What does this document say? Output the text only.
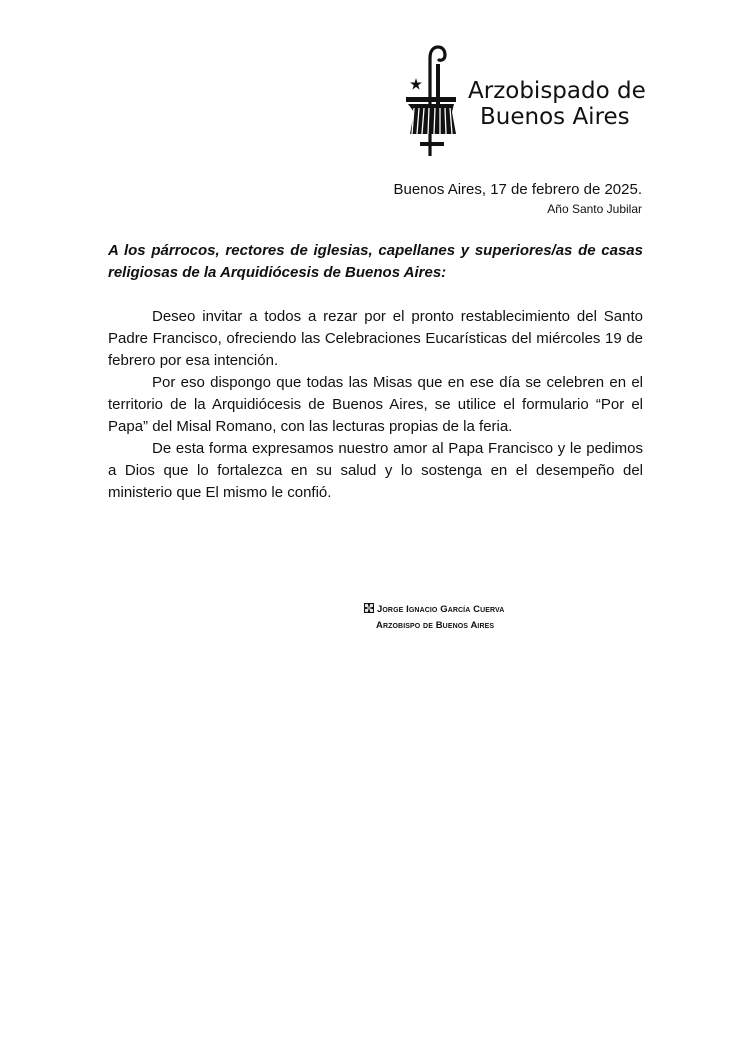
Arzobispado de
Buenos Aires
Buenos Aires, 17 de febrero de 2025.
Año Santo Jubilar
A los párrocos, rectores de iglesias, capellanes y superiores/as de casas religiosas de la Arquidiócesis de Buenos Aires:

Deseo invitar a todos a rezar por el pronto restablecimiento del Santo Padre Francisco, ofreciendo las Celebraciones Eucarísticas del miércoles 19 de febrero por esa intención.

Por eso dispongo que todas las Misas que en ese día se celebren en el territorio de la Arquidiócesis de Buenos Aires, se utilice el formulario “Por el Papa” del Misal Romano, con las lecturas propias de la feria.

De esta forma expresamos nuestro amor al Papa Francisco y le pedimos a Dios que lo fortalezca en su salud y lo sostenga en el desempeño del ministerio que El mismo le confió.

Jorge Ignacio García Cuerva
Arzobispo de Buenos Aires
